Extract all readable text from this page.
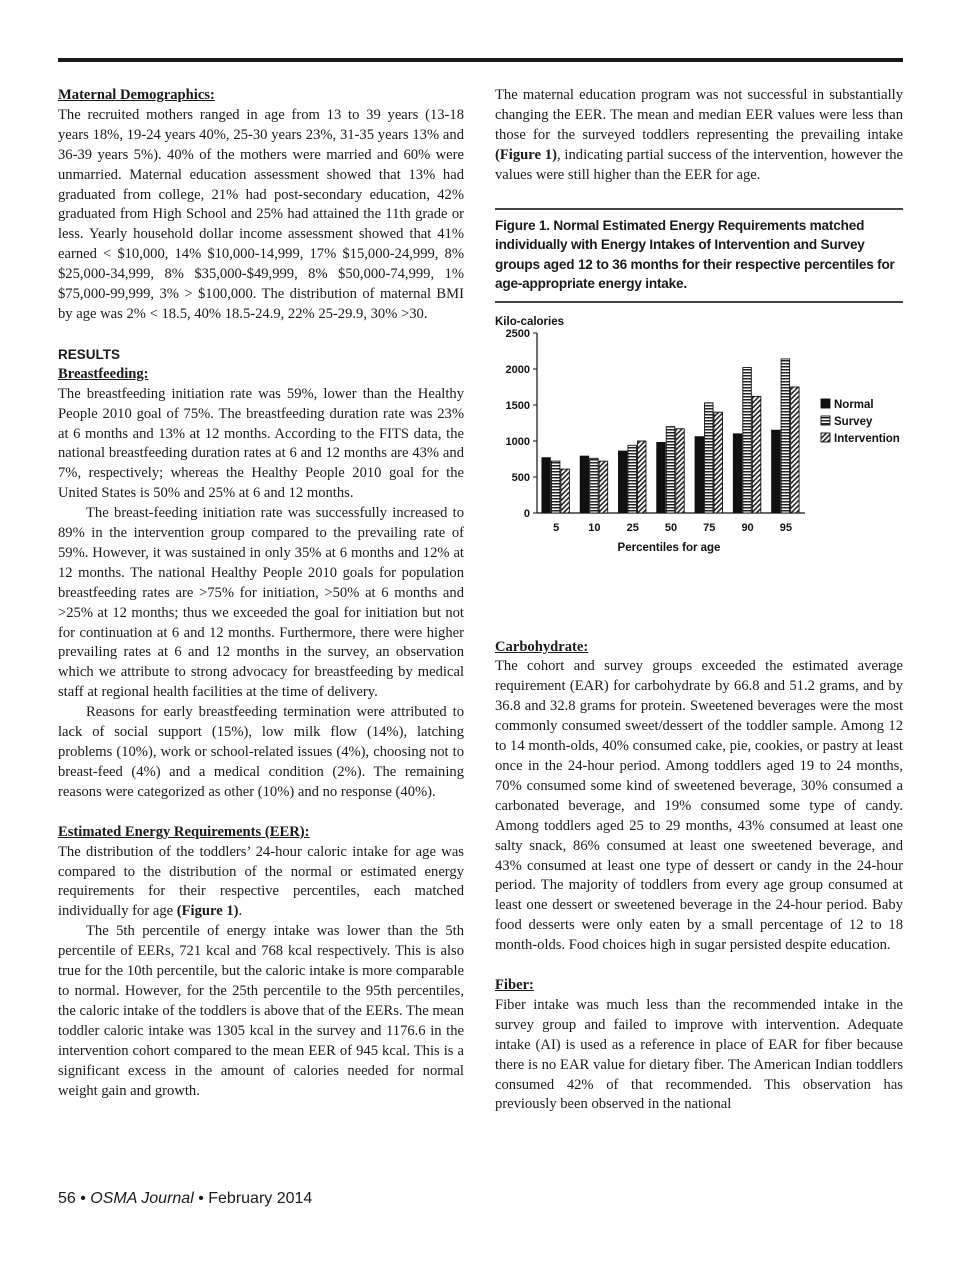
Maternal Demographics:

The recruited mothers ranged in age from 13 to 39 years (13-18 years 18%, 19-24 years 40%, 25-30 years 23%, 31-35 years 13% and 36-39 years 5%). 40% of the mothers were married and 60% were unmarried. Maternal education assessment showed that 13% had graduated from college, 21% had post-secondary education, 42% graduated from High School and 25% had attained the 11th grade or less. Yearly household dollar income assessment showed that 41% earned < $10,000, 14% $10,000-14,999, 17% $15,000-24,999, 8% $25,000-34,999, 8% $35,000-$49,999, 8% $50,000-74,999, 1% $75,000-99,999, 3% > $100,000. The distribution of maternal BMI by age was 2% < 18.5, 40% 18.5-24.9, 22% 25-29.9, 30% >30.

RESULTS

Breastfeeding:

The breastfeeding initiation rate was 59%, lower than the Healthy People 2010 goal of 75%. The breastfeeding duration rate was 23% at 6 months and 13% at 12 months. According to the FITS data, the national breastfeeding duration rates at 6 and 12 months are 43% and 7%, respectively; whereas the Healthy People 2010 goal for the United States is 50% and 25% at 6 and 12 months.

The breast-feeding initiation rate was successfully increased to 89% in the intervention group compared to the prevailing rate of 59%. However, it was sustained in only 35% at 6 months and 12% at 12 months. The national Healthy People 2010 goals for population breastfeeding rates are >75% for initiation, >50% at 6 months and >25% at 12 months; thus we exceeded the goal for initiation but not for continuation at 6 and 12 months. Furthermore, there were higher prevailing rates at 6 and 12 months in the survey, an observation which we attribute to strong advocacy for breastfeeding by medical staff at regional health facilities at the time of delivery.

Reasons for early breastfeeding termination were attributed to lack of social support (15%), low milk flow (14%), latching problems (10%), work or school-related issues (4%), choosing not to breast-feed (4%) and a medical condition (2%). The remaining reasons were categorized as other (10%) and no response (40%).

Estimated Energy Requirements (EER):

The distribution of the toddlers’ 24-hour caloric intake for age was compared to the distribution of the normal or estimated energy requirements for their respective percentiles, each matched individually for age (Figure 1).

The 5th percentile of energy intake was lower than the 5th percentile of EERs, 721 kcal and 768 kcal respectively. This is also true for the 10th percentile, but the caloric intake is more comparable to normal. However, for the 25th percentile to the 95th percentiles, the caloric intake of the toddlers is above that of the EERs. The mean toddler caloric intake was 1305 kcal in the survey and 1176.6 in the intervention cohort compared to the mean EER of 945 kcal. This is a significant excess in the amount of calories needed for normal weight gain and growth.

The maternal education program was not successful in substantially changing the EER. The mean and median EER values were less than those for the surveyed toddlers representing the prevailing intake (Figure 1), indicating partial success of the intervention, however the values were still higher than the EER for age.

Figure 1. Normal Estimated Energy Requirements matched individually with Energy Intakes of Intervention and Survey groups aged 12 to 36 months for their respective percentiles for age-appropriate energy intake.
Kilo-calories
Percentiles for age
0
500
1000
1500
2000
2500
5	10 25 50 75 90 95
Normal
Survey
Intervention

Carbohydrate:

The cohort and survey groups exceeded the estimated average requirement (EAR) for carbohydrate by 66.8 and 51.2 grams, and by 36.8 and 32.8 grams for protein. Sweetened beverages were the most commonly consumed sweet/dessert of the toddler sample. Among 12 to 14 month-olds, 40% consumed cake, pie, cookies, or pastry at least once in the 24-hour period. Among toddlers aged 19 to 24 months, 70% consumed some kind of sweetened beverage, 30% consumed a carbonated beverage, and 19% consumed some type of candy. Among toddlers aged 25 to 29 months, 43% consumed at least one salty snack, 86% consumed at least one sweetened beverage, and 43% consumed at least one type of dessert or candy in the 24-hour period. The majority of toddlers from every age group consumed at least one dessert or sweetened beverage in the 24-hour period. Baby food desserts were only eaten by a small percentage of 12 to 18 month-olds. Food choices high in sugar persisted despite education.

Fiber:

Fiber intake was much less than the recommended intake in the survey group and failed to improve with intervention. Adequate intake (AI) is used as a reference in place of EAR for fiber because there is no EAR value for dietary fiber. The American Indian toddlers consumed 42% of that recommended. This observation has previously been observed in the national

56 • OSMA Journal • February 2014
